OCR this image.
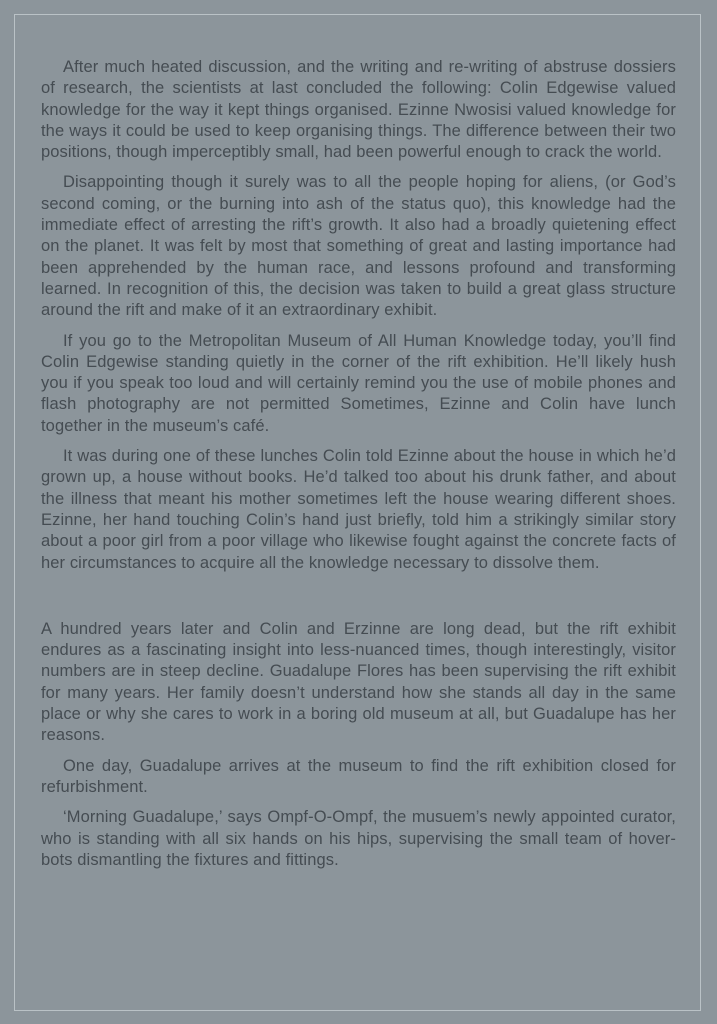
After much heated discussion, and the writing and re-writing of abstruse dossiers of research, the scientists at last concluded the following: Colin Edgewise valued knowledge for the way it kept things organised. Ezinne Nwosisi valued knowledge for the ways it could be used to keep organising things. The difference between their two positions, though imperceptibly small, had been powerful enough to crack the world.

Disappointing though it surely was to all the people hoping for aliens, (or God’s second coming, or the burning into ash of the status quo), this knowledge had the immediate effect of arresting the rift’s growth. It also had a broadly quietening effect on the planet. It was felt by most that something of great and lasting importance had been apprehended by the human race, and lessons profound and transforming learned. In recognition of this, the decision was taken to build a great glass structure around the rift and make of it an extraordinary exhibit.

If you go to the Metropolitan Museum of All Human Knowledge today, you’ll find Colin Edgewise standing quietly in the corner of the rift exhibition. He’ll likely hush you if you speak too loud and will certainly remind you the use of mobile phones and flash photography are not permitted Sometimes, Ezinne and Colin have lunch together in the museum’s café.

It was during one of these lunches Colin told Ezinne about the house in which he’d grown up, a house without books. He’d talked too about his drunk father, and about the illness that meant his mother sometimes left the house wearing different shoes. Ezinne, her hand touching Colin’s hand just briefly, told him a strikingly similar story about a poor girl from a poor village who likewise fought against the concrete facts of her circumstances to acquire all the knowledge necessary to dissolve them.

A hundred years later and Colin and Erzinne are long dead, but the rift exhibit endures as a fascinating insight into less-nuanced times, though interestingly, visitor numbers are in steep decline. Guadalupe Flores has been supervising the rift exhibit for many years. Her family doesn’t understand how she stands all day in the same place or why she cares to work in a boring old museum at all, but Guadalupe has her reasons.

One day, Guadalupe arrives at the museum to find the rift exhibition closed for refurbishment.

‘Morning Guadalupe,’ says Ompf-O-Ompf, the musuem’s newly appointed curator, who is standing with all six hands on his hips, supervising the small team of hover-bots dismantling the fixtures and fittings.
